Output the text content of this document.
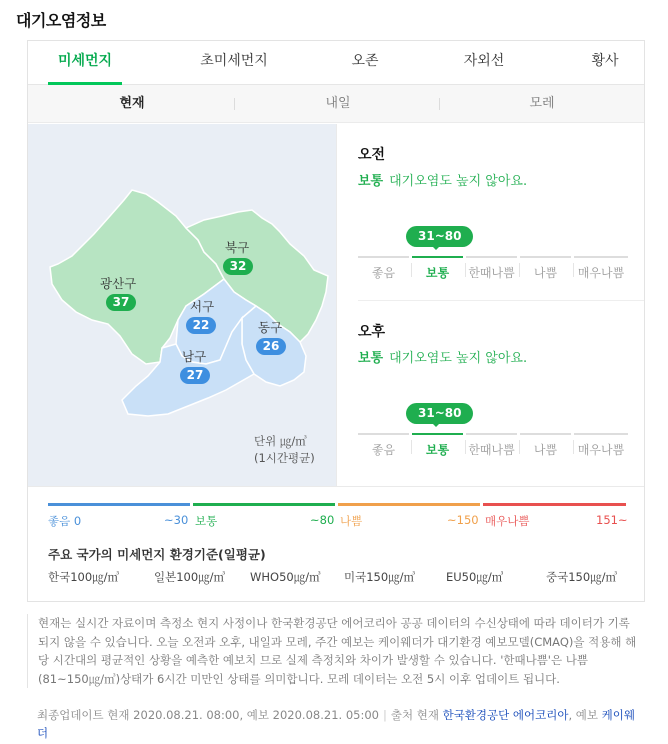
대기오염정보
미세먼지	초미세먼지	오존	자외선	황사
현재	내일	모레
광산구
37
북구
32
서구
22	동구
26
남구
27
단위 ㎍/㎥
(1시간평균)
오전
보통 대기오염도 높지 않아요.
31~80
좋음	보통	한때나쁨	나쁨	매우나쁨
오후
보통 대기오염도 높지 않아요.
31~80
좋음	보통	한때나쁨	나쁨	매우나쁨
좋음 0	~30 보통	~80 나쁨	~150 매우나쁨	151~
주요 국가의 미세먼지 환경기준(일평균)
한국100㎍/㎥	일본100㎍/㎥ WHO50㎍/㎥ 미국150㎍/㎥	EU50㎍/㎥	중국150㎍/㎥

현재는 실시간 자료이며 측정소 현지 사정이나 한국환경공단 에어코리아 공공 데이터의 수신상태에 따라 데이터가 기록되지 않을 수 있습니다. 오늘 오전과 오후, 내일과 모레, 주간 예보는 케이웨더가 대기환경 예보모델(CMAQ)을 적용해 해당 시간대의 평균적인 상황을 예측한 예보치 므로 실제 측정치와 차이가 발생할 수 있습니다. '한때나쁨'은 나쁨(81~150㎍/㎥)상태가 6시간 미만인 상태를 의미합니다. 모레 데이터는 오전 5시 이후 업데이트 됩니다.

최종업데이트 현재 2020.08.21. 08:00, 예보 2020.08.21. 05:00 | 출처 현재 한국환경공단 에어코리아, 예보 케이웨더
